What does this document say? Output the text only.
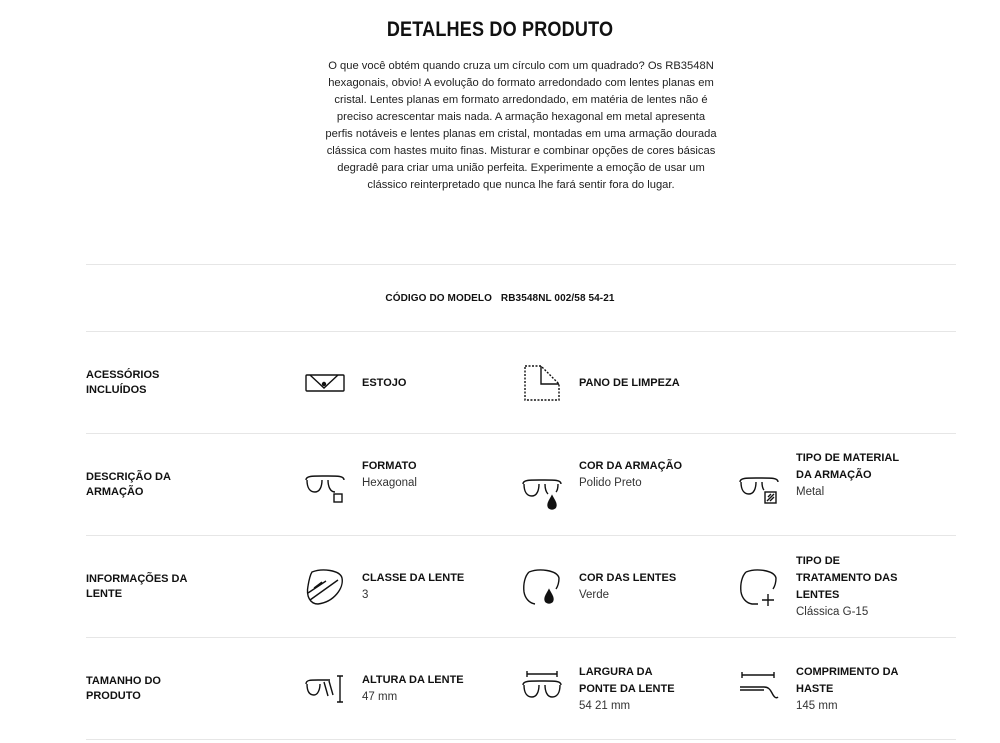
DETALHES DO PRODUTO

O que você obtém quando cruza um círculo com um quadrado? Os RB3548N hexagonais, obvio! A evolução do formato arredondado com lentes planas em cristal. Lentes planas em formato arredondado, em matéria de lentes não é preciso acrescentar mais nada. A armação hexagonal em metal apresenta perfis notáveis e lentes planas em cristal, montadas em uma armação dourada clássica com hastes muito finas. Misturar e combinar opções de cores básicas degradê para criar uma união perfeita. Experimente a emoção de usar um clássico reinterpretado que nunca lhe fará sentir fora do lugar.

CÓDIGO DO MODELO RB3548NL 002/58 54-21
ACESSÓRIOS INCLUÍDOS
ESTOJO	PANO DE LIMPEZA
DESCRIÇÃO DA ARMAÇÃO
FORMATO
Hexagonal
COR DA ARMAÇÃO
Polido Preto
TIPO DE MATERIAL DA ARMAÇÃO
Metal
INFORMAÇÕES DA LENTE
CLASSE DA LENTE
3
COR DAS LENTES
Verde
TIPO DE TRATAMENTO DAS LENTES
Clássica G-15
TAMANHO DO PRODUTO
ALTURA DA LENTE
47 mm
LARGURA DA PONTE DA LENTE
54 21 mm
COMPRIMENTO DA HASTE
145 mm
